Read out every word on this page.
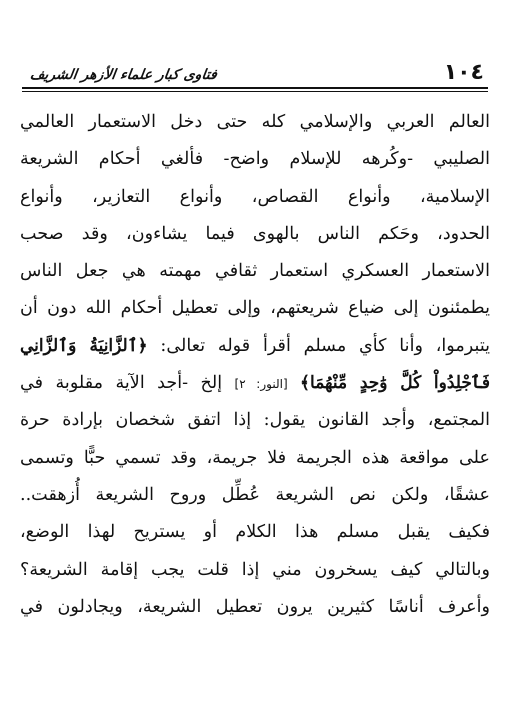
١٠٤
فتاوى كبار علماء الأزهر الشريف
العالم العربي والإسلامي كله حتى دخل الاستعمار العالمي
الصليبي -وكُرهه للإسلام واضح- فألغي أحكام الشريعة
الإسلامية، وأنواع القصاص، وأنواع التعازير، وأنواع
الحدود، وحَكم الناس بالهوى فيما يشاءون، وقد صحب
الاستعمار العسكري استعمار ثقافي مهمته هي جعل الناس
يطمئنون إلى ضياع شريعتهم، وإلى تعطيل أحكام الله دون أن
يتبرموا، وأنا كأي مسلم أقرأ قوله تعالى: ﴿ٱلزَّانِيَةُ وَٱلزَّانِي
فَٱجْلِدُواْ كُلَّ وَٰحِدٍ مِّنْهُمَا﴾ [النور: ٢] إلخ -أجد الآية مقلوبة في
المجتمع، وأجد القانون يقول: إذا اتفق شخصان بإرادة حرة
على مواقعة هذه الجريمة فلا جريمة، وقد تسمي حبًّا وتسمى
عشقًا، ولكن نص الشريعة عُطِّل وروح الشريعة أُزهقت..
فكيف يقبل مسلم هذا الكلام أو يستريح لهذا الوضع،
وبالتالي كيف يسخرون مني إذا قلت يجب إقامة الشريعة؟
وأعرف أناسًا كثيرين يرون تعطيل الشريعة، ويجادلون في
